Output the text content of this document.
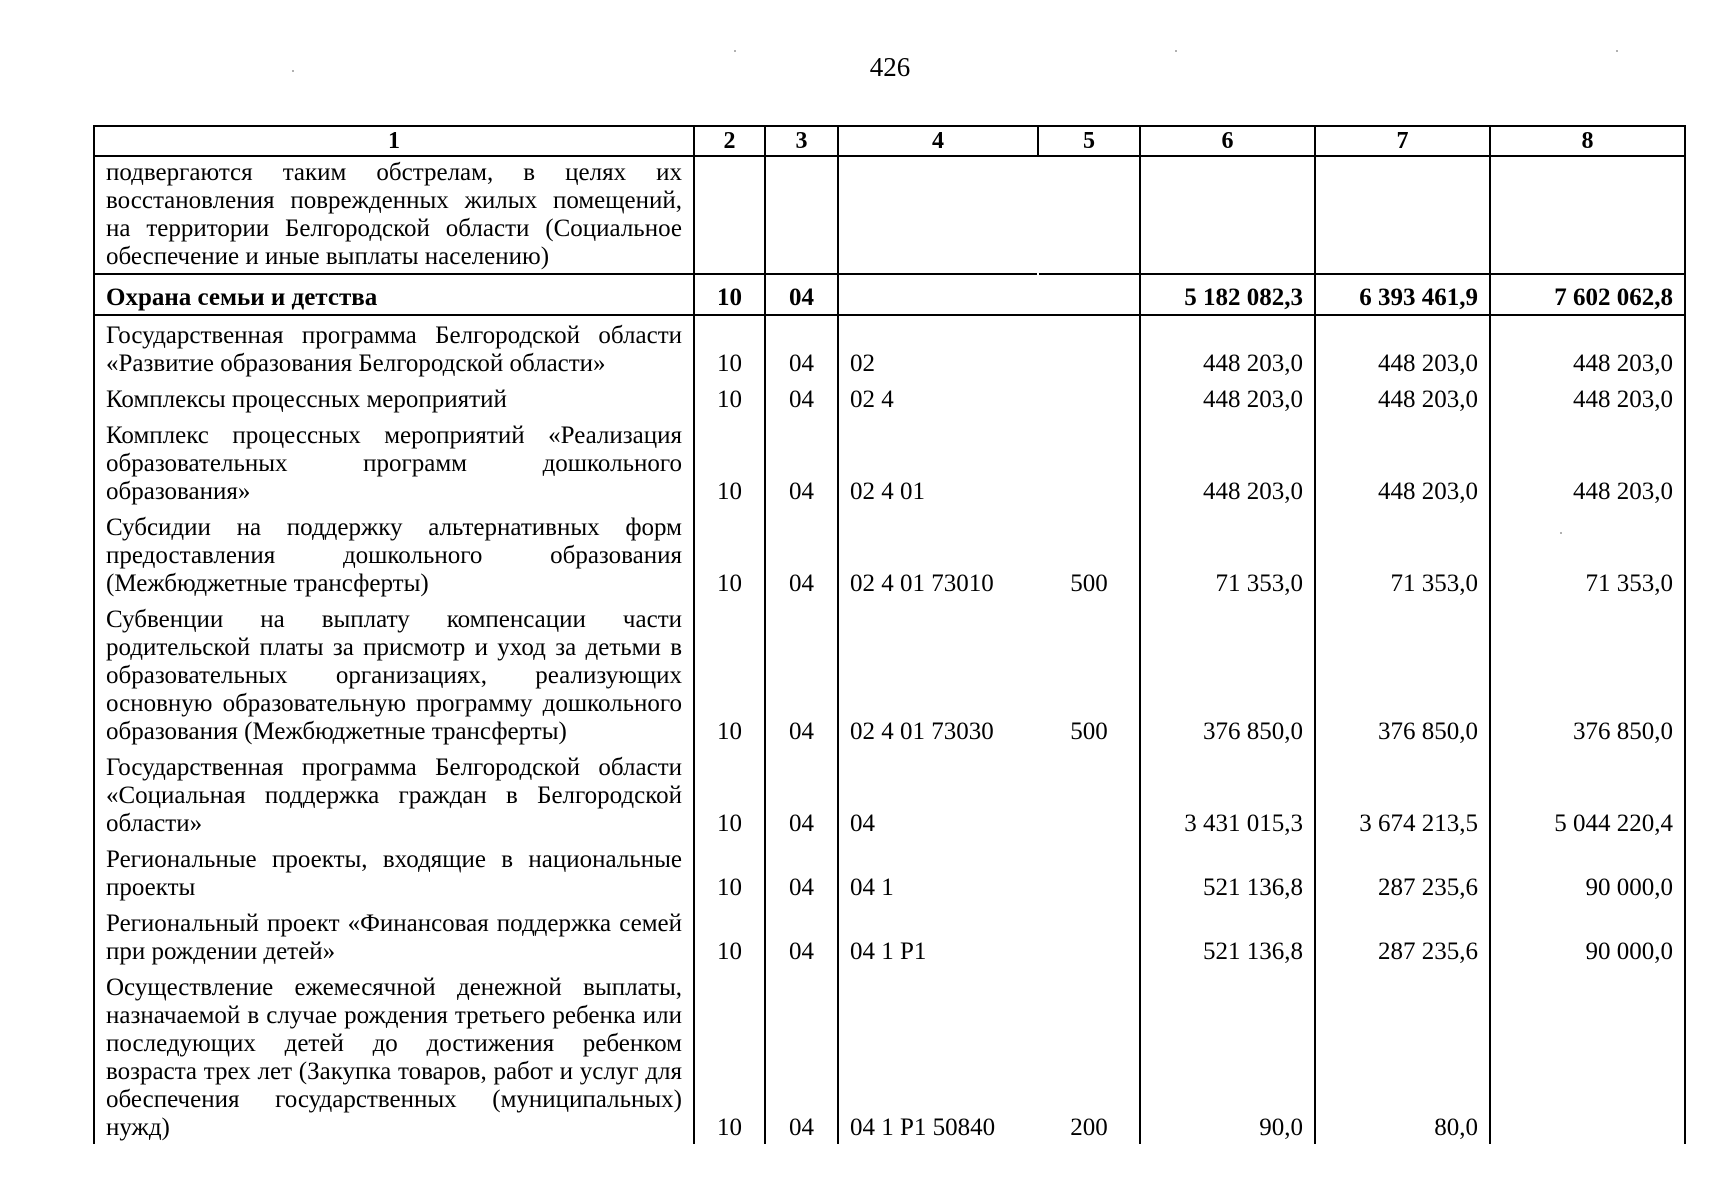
426
1	2	3	4	5	6	7	8
подвергаются таким обстрелам, в целях их восстановления поврежденных жилых помещений, на территории Белгородской области (Социальное обеспечение и иные выплаты населению)							
Охрана семьи и детства	10	04			5 182 082,3	6 393 461,9	7 602 062,8
Государственная программа Белгородской области «Развитие образования Белгородской области»	10	04	02		448 203,0	448 203,0	448 203,0
Комплексы процессных мероприятий	10	04	02 4		448 203,0	448 203,0	448 203,0
Комплекс процессных мероприятий «Реализация образовательных программ дошкольного образования»	10	04	02 4 01		448 203,0	448 203,0	448 203,0
Субсидии на поддержку альтернативных форм предоставления дошкольного образования (Межбюджетные трансферты)	10	04	02 4 01 73010	500	71 353,0	71 353,0	71 353,0
Субвенции на выплату компенсации части родительской платы за присмотр и уход за детьми в образовательных организациях, реализующих основную образовательную программу дошкольного образования (Межбюджетные трансферты)	10	04	02 4 01 73030	500	376 850,0	376 850,0	376 850,0
Государственная программа Белгородской области «Социальная поддержка граждан в Белгородской области»	10	04	04		3 431 015,3	3 674 213,5	5 044 220,4
Региональные проекты, входящие в национальные проекты	10	04	04 1		521 136,8	287 235,6	90 000,0
Региональный проект «Финансовая поддержка семей при рождении детей»	10	04	04 1 P1		521 136,8	287 235,6	90 000,0
Осуществление ежемесячной денежной выплаты, назначаемой в случае рождения третьего ребенка или последующих детей до достижения ребенком возраста трех лет (Закупка товаров, работ и услуг для обеспечения государственных (муниципальных) нужд)	10	04	04 1 P1 50840	200	90,0	80,0	
